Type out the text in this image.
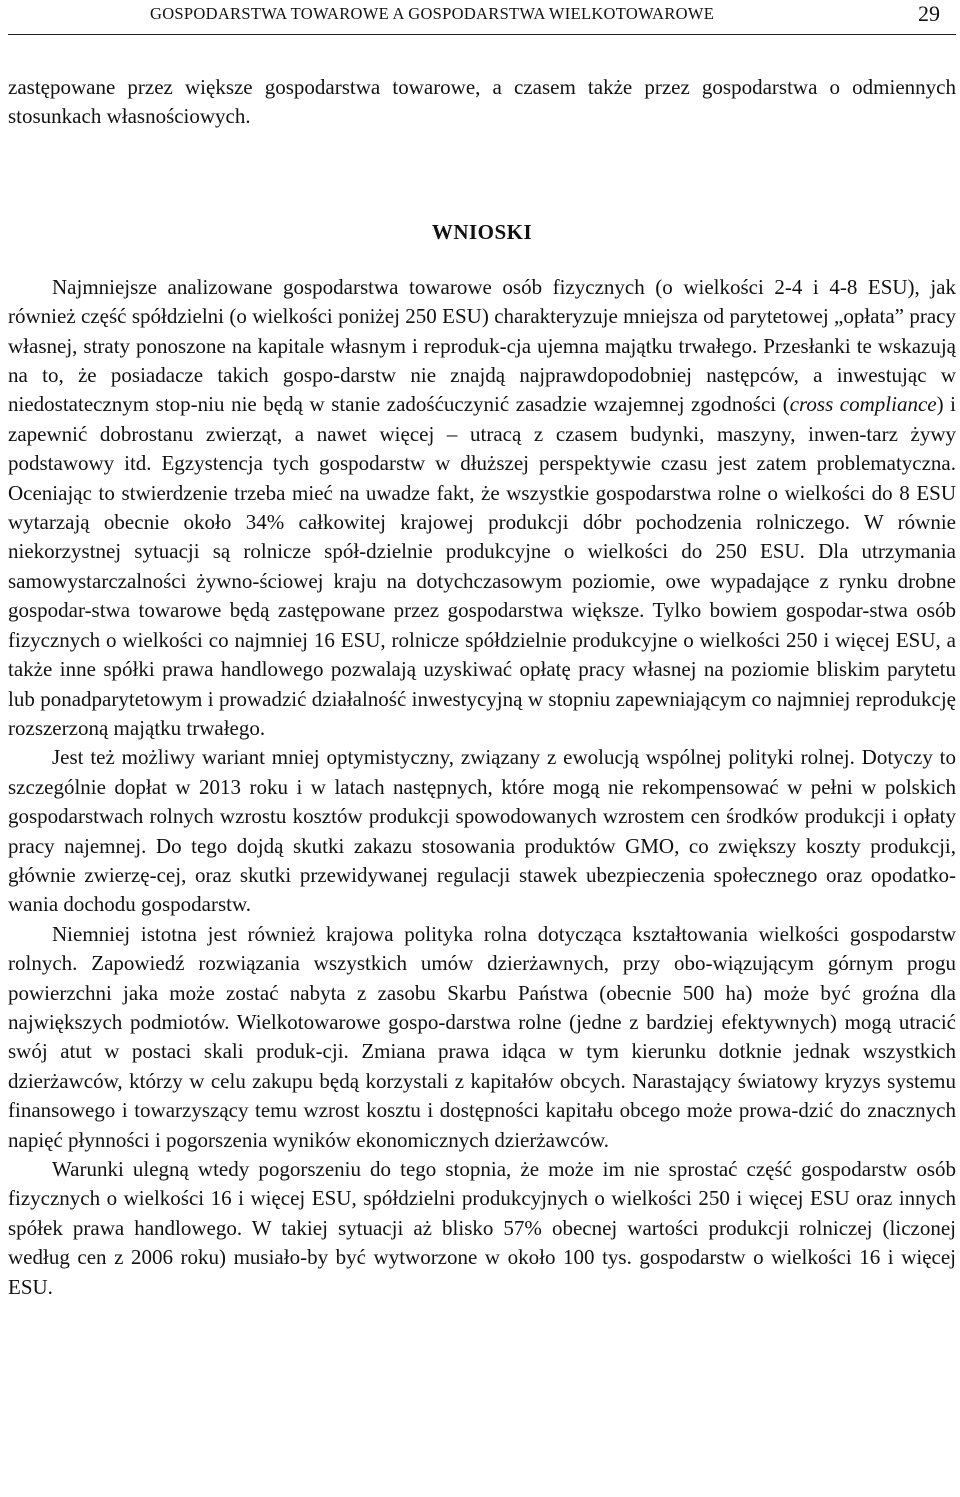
GOSPODARSTWA TOWAROWE A GOSPODARSTWA WIELKOTOWAROWE	29

zastępowane przez większe gospodarstwa towarowe, a czasem także przez gospodarstwa o odmiennych stosunkach własnościowych.

WNIOSKI

Najmniejsze analizowane gospodarstwa towarowe osób fizycznych (o wielkości 2-4 i 4-8 ESU), jak również część spółdzielni (o wielkości poniżej 250 ESU) charakteryzuje mniejsza od parytetowej „opłata” pracy własnej, straty ponoszone na kapitale własnym i reproduk-cja ujemna majątku trwałego. Przesłanki te wskazują na to, że posiadacze takich gospo-darstw nie znajdą najprawdopodobniej następców, a inwestując w niedostatecznym stop-niu nie będą w stanie zadośćuczynić zasadzie wzajemnej zgodności (cross compliance) i zapewnić dobrostanu zwierząt, a nawet więcej – utracą z czasem budynki, maszyny, inwen-tarz żywy podstawowy itd. Egzystencja tych gospodarstw w dłuższej perspektywie czasu jest zatem problematyczna. Oceniając to stwierdzenie trzeba mieć na uwadze fakt, że wszystkie gospodarstwa rolne o wielkości do 8 ESU wytarzają obecnie około 34% całkowitej krajowej produkcji dóbr pochodzenia rolniczego. W równie niekorzystnej sytuacji są rolnicze spół-dzielnie produkcyjne o wielkości do 250 ESU. Dla utrzymania samowystarczalności żywno-ściowej kraju na dotychczasowym poziomie, owe wypadające z rynku drobne gospodar-stwa towarowe będą zastępowane przez gospodarstwa większe. Tylko bowiem gospodar-stwa osób fizycznych o wielkości co najmniej 16 ESU, rolnicze spółdzielnie produkcyjne o wielkości 250 i więcej ESU, a także inne spółki prawa handlowego pozwalają uzyskiwać opłatę pracy własnej na poziomie bliskim parytetu lub ponadparytetowym i prowadzić działalność inwestycyjną w stopniu zapewniającym co najmniej reprodukcję rozszerzoną majątku trwałego.

Jest też możliwy wariant mniej optymistyczny, związany z ewolucją wspólnej polityki rolnej. Dotyczy to szczególnie dopłat w 2013 roku i w latach następnych, które mogą nie rekompensować w pełni w polskich gospodarstwach rolnych wzrostu kosztów produkcji spowodowanych wzrostem cen środków produkcji i opłaty pracy najemnej. Do tego dojdą skutki zakazu stosowania produktów GMO, co zwiększy koszty produkcji, głównie zwierzę-cej, oraz skutki przewidywanej regulacji stawek ubezpieczenia społecznego oraz opodatko-wania dochodu gospodarstw.

Niemniej istotna jest również krajowa polityka rolna dotycząca kształtowania wielkości gospodarstw rolnych. Zapowiedź rozwiązania wszystkich umów dzierżawnych, przy obo-wiązującym górnym progu powierzchni jaka może zostać nabyta z zasobu Skarbu Państwa (obecnie 500 ha) może być groźna dla największych podmiotów. Wielkotowarowe gospo-darstwa rolne (jedne z bardziej efektywnych) mogą utracić swój atut w postaci skali produk-cji. Zmiana prawa idąca w tym kierunku dotknie jednak wszystkich dzierżawców, którzy w celu zakupu będą korzystali z kapitałów obcych. Narastający światowy kryzys systemu finansowego i towarzyszący temu wzrost kosztu i dostępności kapitału obcego może prowa-dzić do znacznych napięć płynności i pogorszenia wyników ekonomicznych dzierżawców.

Warunki ulegną wtedy pogorszeniu do tego stopnia, że może im nie sprostać część gospodarstw osób fizycznych o wielkości 16 i więcej ESU, spółdzielni produkcyjnych o wielkości 250 i więcej ESU oraz innych spółek prawa handlowego. W takiej sytuacji aż blisko 57% obecnej wartości produkcji rolniczej (liczonej według cen z 2006 roku) musiało-by być wytworzone w około 100 tys. gospodarstw o wielkości 16 i więcej ESU.
